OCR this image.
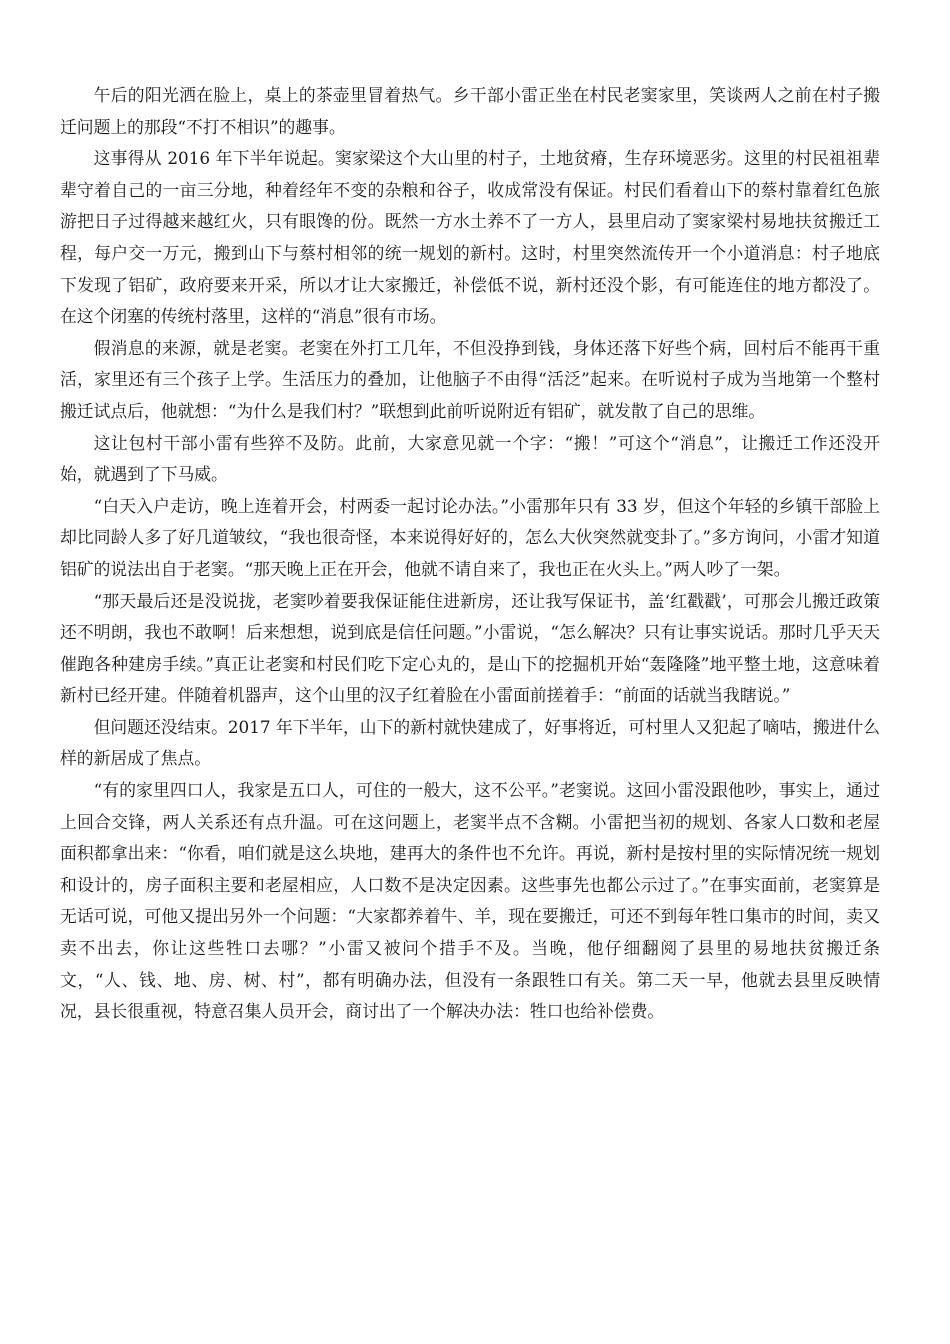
午后的阳光洒在脸上，桌上的茶壶里冒着热气。乡干部小雷正坐在村民老窦家里，笑谈两人之前在村子搬迁问题上的那段“不打不相识”的趣事。

这事得从 2016 年下半年说起。窦家梁这个大山里的村子，土地贫瘠，生存环境恶劣。这里的村民祖祖辈辈守着自己的一亩三分地，种着经年不变的杂粮和谷子，收成常没有保证。村民们看着山下的蔡村靠着红色旅游把日子过得越来越红火，只有眼馋的份。既然一方水土养不了一方人，县里启动了窦家梁村易地扶贫搬迁工程，每户交一万元，搬到山下与蔡村相邻的统一规划的新村。这时，村里突然流传开一个小道消息：村子地底下发现了铝矿，政府要来开采，所以才让大家搬迁，补偿低不说，新村还没个影，有可能连住的地方都没了。在这个闭塞的传统村落里，这样的“消息”很有市场。

假消息的来源，就是老窦。老窦在外打工几年，不但没挣到钱，身体还落下好些个病，回村后不能再干重活，家里还有三个孩子上学。生活压力的叠加，让他脑子不由得“活泛”起来。在听说村子成为当地第一个整村搬迁试点后，他就想：“为什么是我们村？”联想到此前听说附近有铝矿，就发散了自己的思维。

这让包村干部小雷有些猝不及防。此前，大家意见就一个字：“搬！”可这个“消息”，让搬迁工作还没开始，就遇到了下马威。

“白天入户走访，晚上连着开会，村两委一起讨论办法。”小雷那年只有 33 岁，但这个年轻的乡镇干部脸上却比同龄人多了好几道皱纹，“我也很奇怪，本来说得好好的，怎么大伙突然就变卦了。”多方询问，小雷才知道铝矿的说法出自于老窦。“那天晚上正在开会，他就不请自来了，我也正在火头上。”两人吵了一架。

“那天最后还是没说拢，老窦吵着要我保证能住进新房，还让我写保证书，盖‘红戳戳’，可那会儿搬迁政策还不明朗，我也不敢啊！后来想想，说到底是信任问题。”小雷说，“怎么解决？只有让事实说话。那时几乎天天催跑各种建房手续。”真正让老窦和村民们吃下定心丸的，是山下的挖掘机开始“轰隆隆”地平整土地，这意味着新村已经开建。伴随着机器声，这个山里的汉子红着脸在小雷面前搓着手：“前面的话就当我瞎说。”

但问题还没结束。2017 年下半年，山下的新村就快建成了，好事将近，可村里人又犯起了嘀咕，搬进什么样的新居成了焦点。

“有的家里四口人，我家是五口人，可住的一般大，这不公平。”老窦说。这回小雷没跟他吵，事实上，通过上回合交锋，两人关系还有点升温。可在这问题上，老窦半点不含糊。小雷把当初的规划、各家人口数和老屋面积都拿出来：“你看，咱们就是这么块地，建再大的条件也不允许。再说，新村是按村里的实际情况统一规划和设计的，房子面积主要和老屋相应，人口数不是决定因素。这些事先也都公示过了。”在事实面前，老窦算是无话可说，可他又提出另外一个问题：“大家都养着牛、羊，现在要搬迁，可还不到每年牲口集市的时间，卖又卖不出去，你让这些牲口去哪？”小雷又被问个措手不及。当晚，他仔细翻阅了县里的易地扶贫搬迁条文，“人、钱、地、房、树、村”，都有明确办法，但没有一条跟牲口有关。第二天一早，他就去县里反映情况，县长很重视，特意召集人员开会，商讨出了一个解决办法：牲口也给补偿费。
